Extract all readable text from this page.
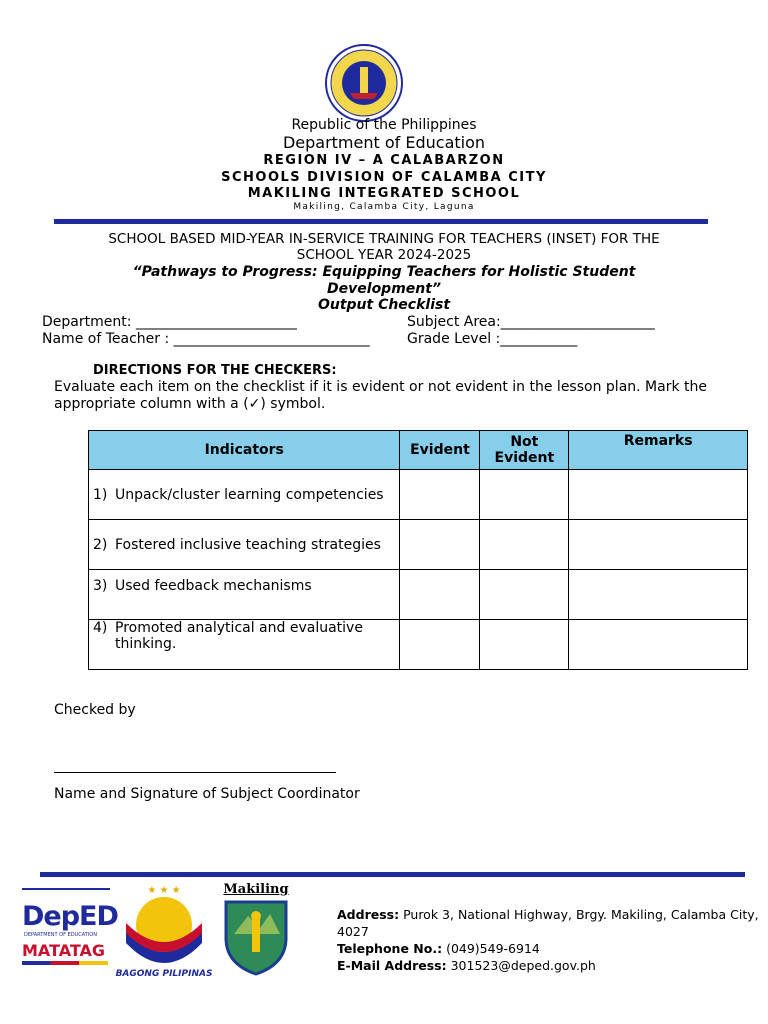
Republic of the Philippines
Department of Education
REGION IV – A CALABARZON
SCHOOLS DIVISION OF CALAMBA CITY
MAKILING INTEGRATED SCHOOL
Makiling, Calamba City, Laguna
SCHOOL BASED MID-YEAR IN-SERVICE TRAINING FOR TEACHERS (INSET) FOR THE SCHOOL YEAR 2024-2025
“Pathways to Progress: Equipping Teachers for Holistic Student Development”
Output Checklist
Department: _______________________	Subject Area:______________________
Name of Teacher : ____________________________	Grade Level :___________
DIRECTIONS FOR THE CHECKERS:
Evaluate each item on the checklist if it is evident or not evident in the lesson plan. Mark the appropriate column with a (✓) symbol.
Indicators	Evident	Not Evident	Remarks

1) Unpack/cluster learning competencies			

2) Fostered inclusive teaching strategies			

3) Used feedback mechanisms			

4) Promoted analytical and evaluative thinking.			

Checked by
Name and Signature of Subject Coordinator
DepED
DEPARTMENT OF EDUCATION
MATATAG
★ ★ ★
BAGONG PILIPINAS
Makiling
Address: Purok 3, National Highway, Brgy. Makiling, Calamba City, 4027
Telephone No.: (049)549-6914
E-Mail Address: 301523@deped.gov.ph
